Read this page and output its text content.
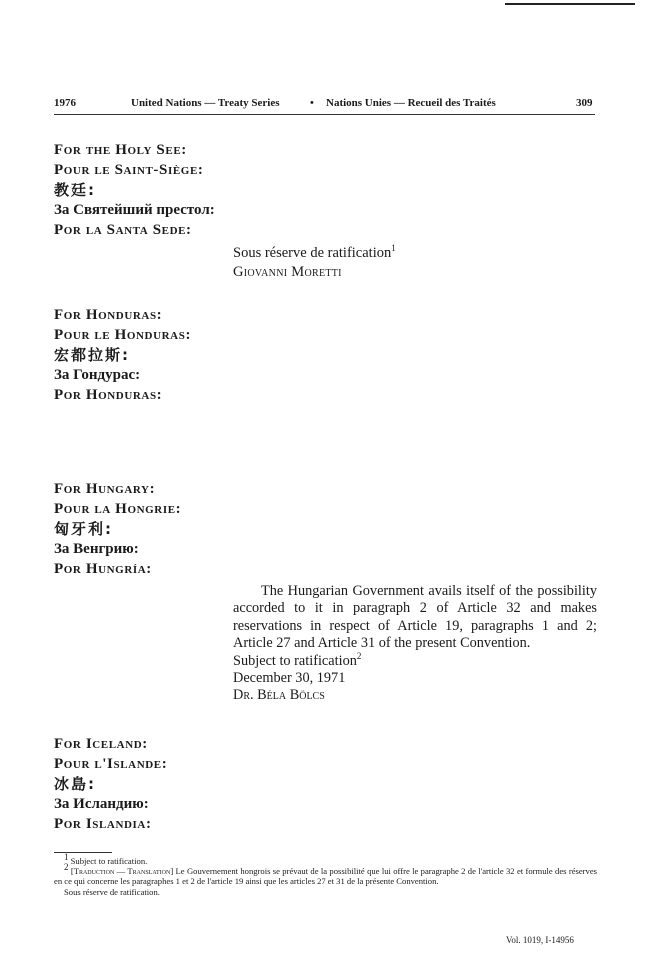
1976	United Nations — Treaty Series	• Nations Unies — Recueil des Traités	309
For the Holy See:
Pour le Saint-Siège:
教廷:
За Святейший престол:
Por la Santa Sede:
Sous réserve de ratification$^1$
Giovanni Moretti
For Honduras:
Pour le Honduras:
宏都拉斯:
За Гондурас:
Por Honduras:
For Hungary:
Pour la Hongrie:
匈牙利:
За Венгрию:
Por Hungría:
The Hungarian Government avails itself of the possibility accorded to it in paragraph 2 of Article 32 and makes reservations in respect of Article 19, paragraphs 1 and 2; Article 27 and Article 31 of the present Convention.
Subject to ratification$^2$
December 30, 1971
Dr. Béla Bölcs
For Iceland:
Pour l'Islande:
冰島:
За Исландию:
Por Islandia:
$^1$ Subject to ratification.
$^2$ [Traduction — Translation] Le Gouvernement hongrois se prévaut de la possibilité que lui offre le paragraphe 2 de l'article 32 et formule des réserves en ce qui concerne les paragraphes 1 et 2 de l'article 19 ainsi que les articles 27 et 31 de la présente Convention.
Sous réserve de ratification.
Vol. 1019, I-14956
